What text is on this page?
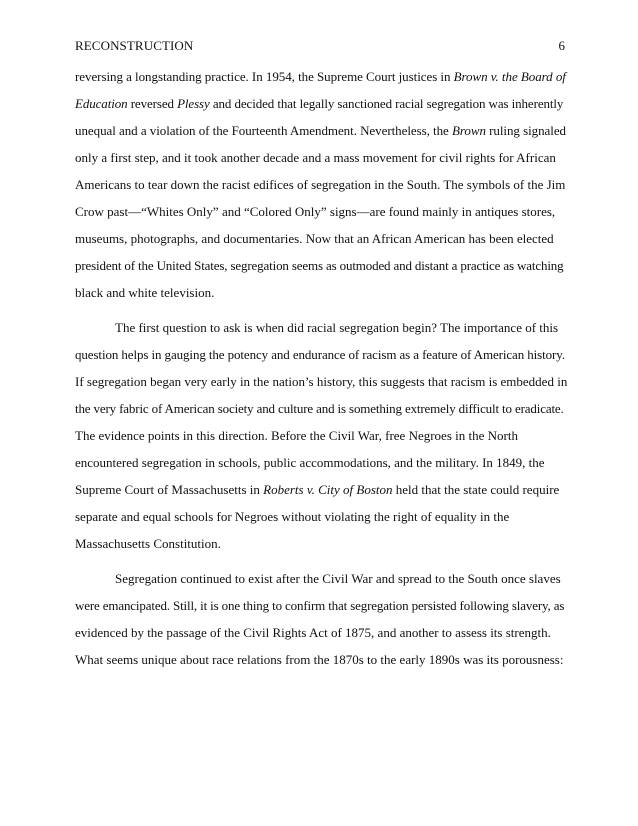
RECONSTRUCTION	6
reversing a longstanding practice. In 1954, the Supreme Court justices in Brown v. the Board of
Education reversed Plessy and decided that legally sanctioned racial segregation was inherently
unequal and a violation of the Fourteenth Amendment. Nevertheless, the Brown ruling signaled
only a first step, and it took another decade and a mass movement for civil rights for African
Americans to tear down the racist edifices of segregation in the South. The symbols of the Jim
Crow past—“Whites Only” and “Colored Only” signs—are found mainly in antiques stores,
museums, photographs, and documentaries. Now that an African American has been elected
president of the United States, segregation seems as outmoded and distant a practice as watching
black and white television.
The first question to ask is when did racial segregation begin? The importance of this
question helps in gauging the potency and endurance of racism as a feature of American history.
If segregation began very early in the nation’s history, this suggests that racism is embedded in
the very fabric of American society and culture and is something extremely difficult to eradicate.
The evidence points in this direction. Before the Civil War, free Negroes in the North
encountered segregation in schools, public accommodations, and the military. In 1849, the
Supreme Court of Massachusetts in Roberts v. City of Boston held that the state could require
separate and equal schools for Negroes without violating the right of equality in the
Massachusetts Constitution.
Segregation continued to exist after the Civil War and spread to the South once slaves
were emancipated. Still, it is one thing to confirm that segregation persisted following slavery, as
evidenced by the passage of the Civil Rights Act of 1875, and another to assess its strength.
What seems unique about race relations from the 1870s to the early 1890s was its porousness:
